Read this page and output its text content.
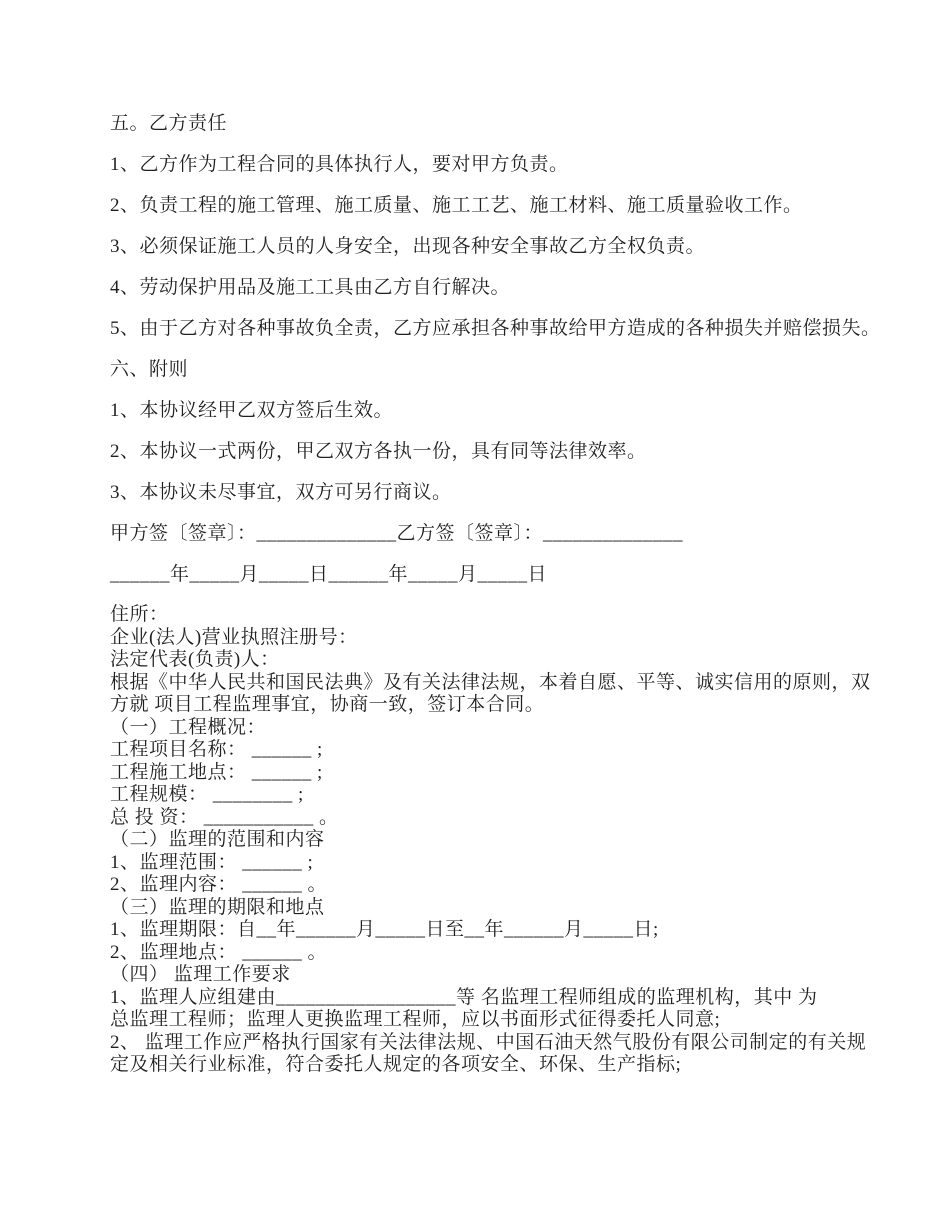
五。乙方责任

1、乙方作为工程合同的具体执行人，要对甲方负责。

2、负责工程的施工管理、施工质量、施工工艺、施工材料、施工质量验收工作。

3、必须保证施工人员的人身安全，出现各种安全事故乙方全权负责。

4、劳动保护用品及施工工具由乙方自行解决。

5、由于乙方对各种事故负全责，乙方应承担各种事故给甲方造成的各种损失并赔偿损失。

六、附则

1、本协议经甲乙双方签后生效。

2、本协议一式两份，甲乙双方各执一份，具有同等法律效率。

3、本协议未尽事宜，双方可另行商议。

甲方签〔签章〕：______________乙方签〔签章〕：______________

______年_____月_____日______年_____月_____日

住所：
企业(法人)营业执照注册号：
法定代表(负责)人：
根据《中华人民共和国民法典》及有关法律法规，本着自愿、平等、诚实信用的原则，双
方就 项目工程监理事宜，协商一致，签订本合同。
（一）工程概况：
工程项目名称： ______ ;
工程施工地点： ______ ;
工程规模： ________ ;
总 投 资： ___________ 。
（二）监理的范围和内容
1、监理范围： ______ ;
2、监理内容： ______ 。
（三）监理的期限和地点
1、监理期限：自__年______月_____日至__年______月_____日;
2、监理地点： ______ 。
（四） 监理工作要求
1、监理人应组建由__________________等 名监理工程师组成的监理机构，其中 为
总监理工程师；监理人更换监理工程师，应以书面形式征得委托人同意;
2、 监理工作应严格执行国家有关法律法规、中国石油天然气股份有限公司制定的有关规
定及相关行业标准，符合委托人规定的各项安全、环保、生产指标;
